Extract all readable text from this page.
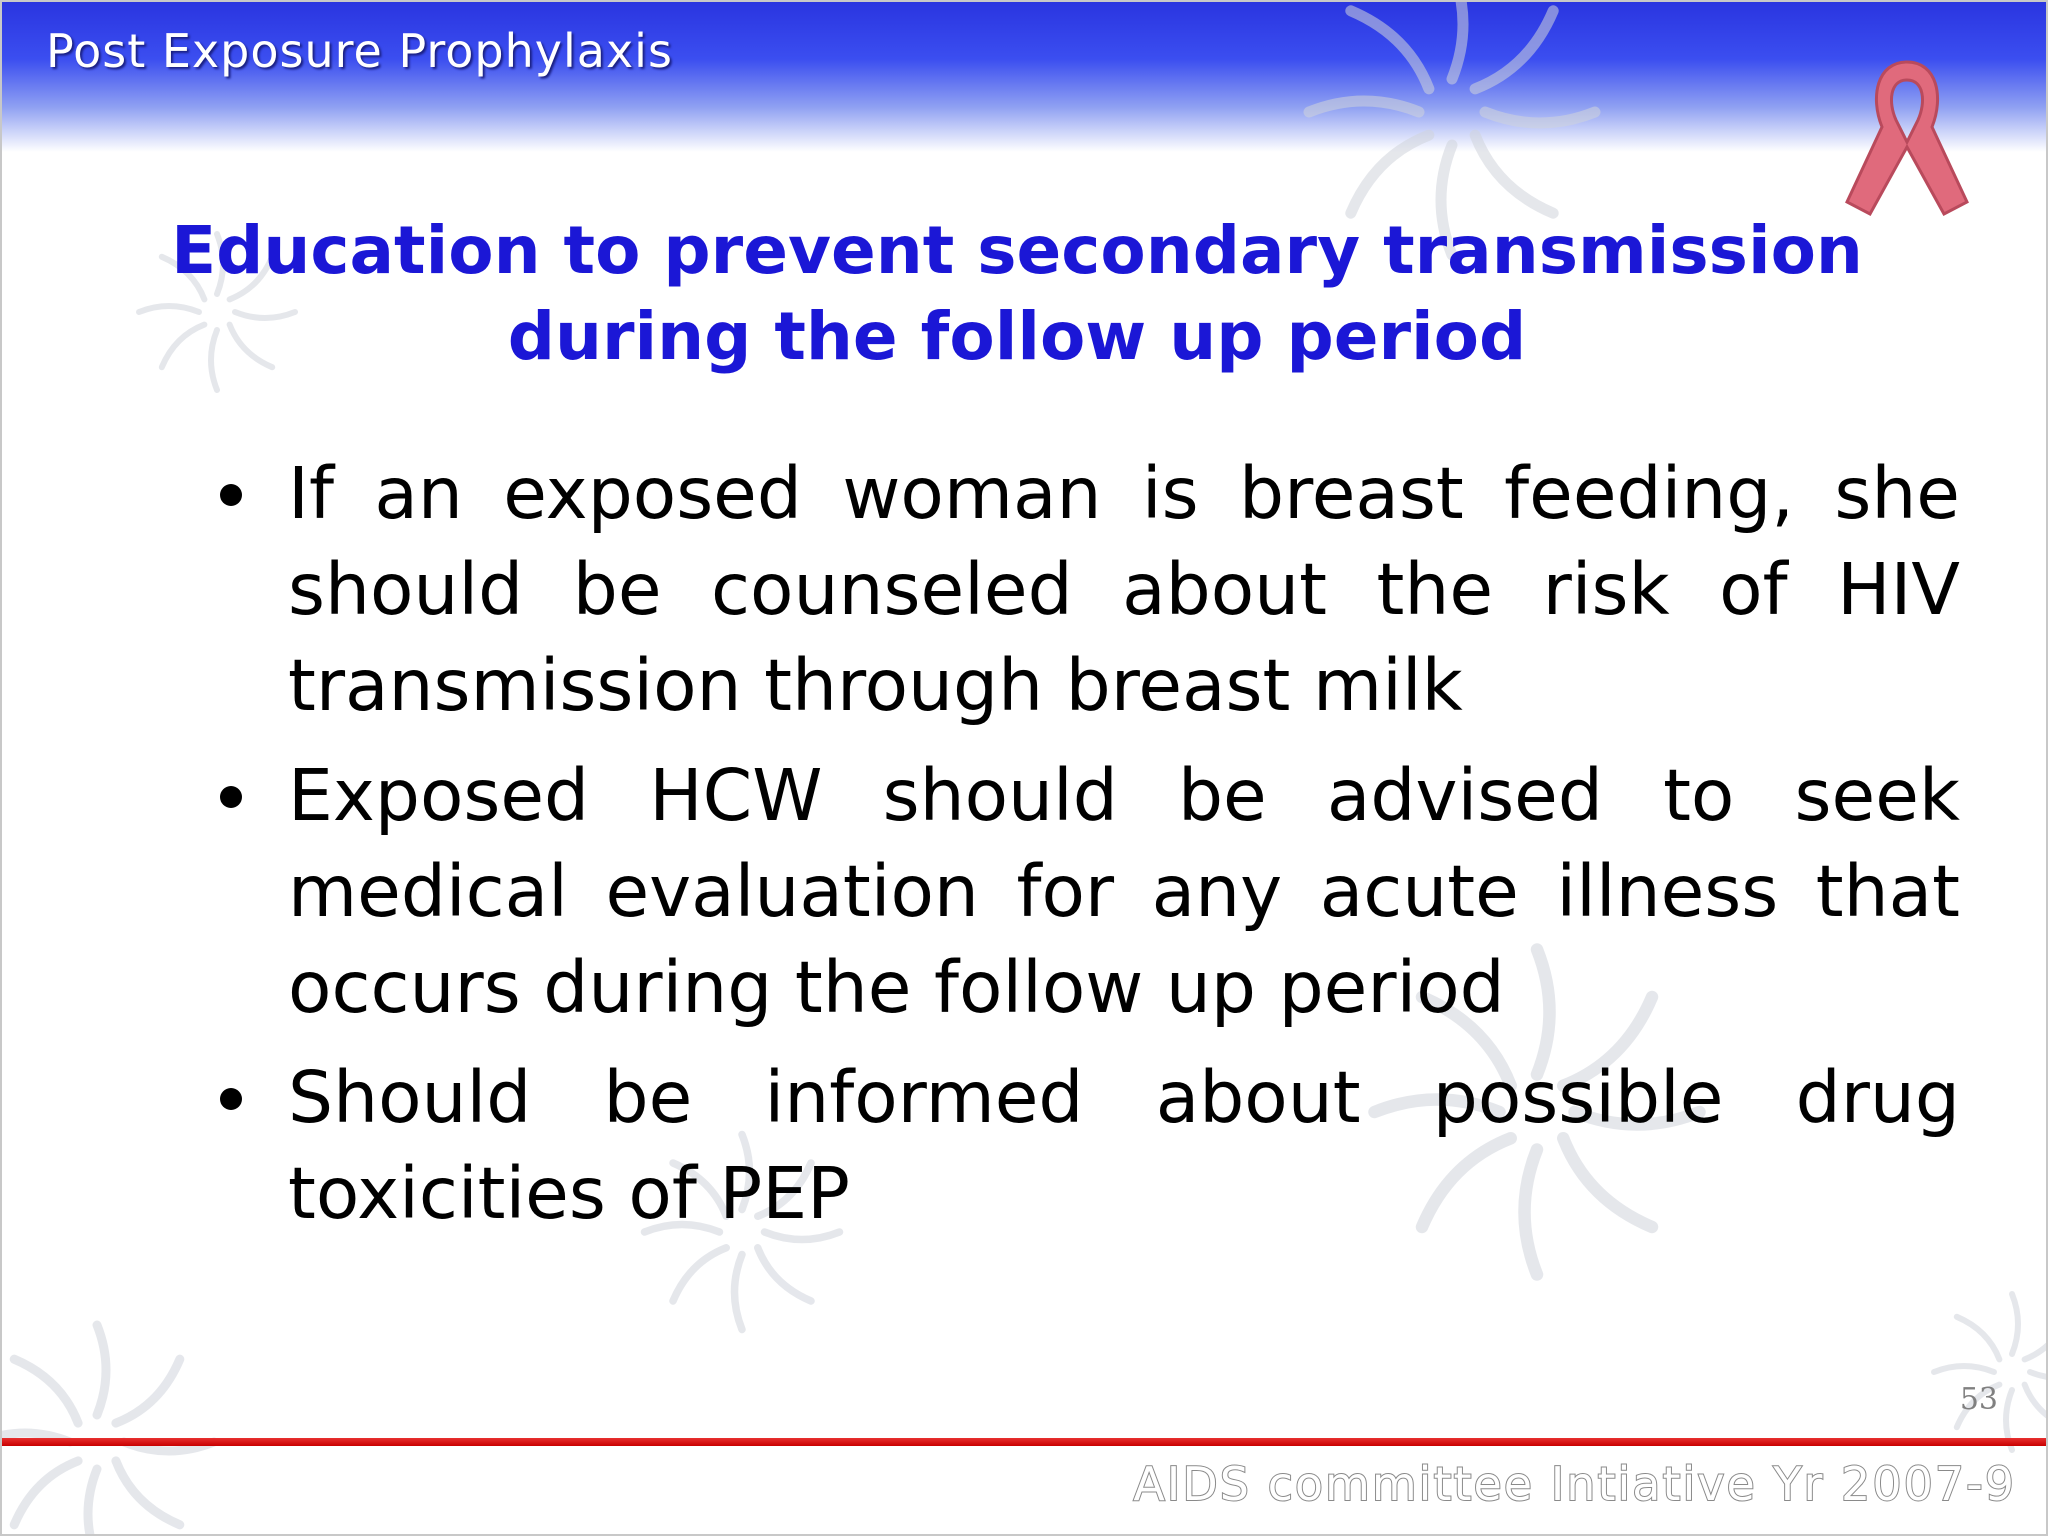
Post Exposure Prophylaxis
Education to prevent secondary transmission
during the follow up period
If an exposed woman is breast feeding, she should be counseled about the risk of HIV transmission through breast milk
Exposed HCW should be advised to seek medical evaluation for any acute illness that occurs during the follow up period
Should be informed about possible drug toxicities of PEP
53
AIDS committee Intiative Yr 2007-9
